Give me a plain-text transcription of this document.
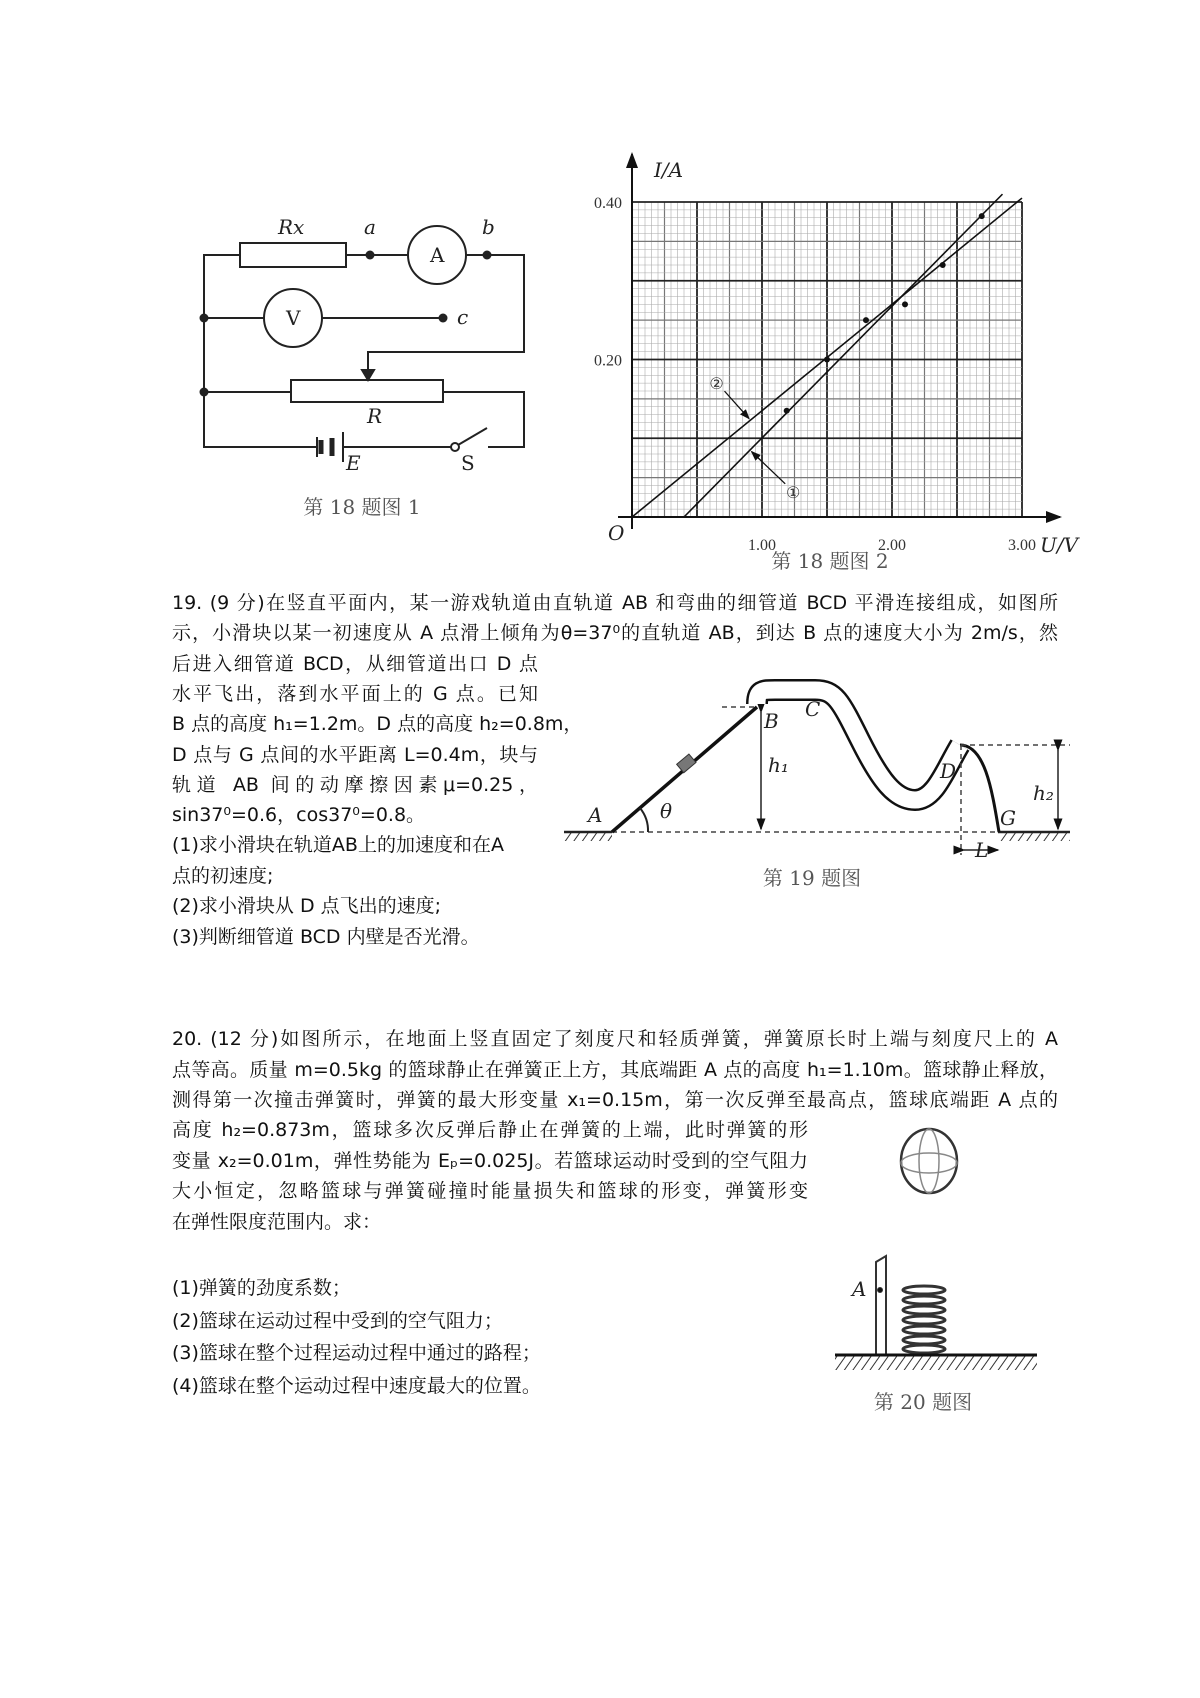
Rx	a	b
A
V	c
R
E	S
第 18 题图 1
U/V
I/A
O
1.00	2.00	3.00
0.20
0.40
①
②
第 18 题图 2
A
B C
D
G
θ
h₁
h₂
L
第 19 题图
A
第 20 题图
19. (9 分)在竖直平面内，某一游戏轨道由直轨道 AB 和弯曲的细管道 BCD 平滑连接组成，如图所
示，小滑块以某一初速度从 A 点滑上倾角为θ=37⁰的直轨道 AB，到达 B 点的速度大小为 2m/s，然
后进入细管道 BCD，从细管道出口 D 点
水平飞出，落到水平面上的 G 点。已知
B 点的高度 h₁=1.2m。D 点的高度 h₂=0.8m，
D 点与 G 点间的水平距离 L=0.4m，块与
轨道 AB 间的动摩擦因素μ=0.25，
sin37⁰=0.6，cos37⁰=0.8。
(1)求小滑块在轨道AB上的加速度和在A
点的初速度;
(2)求小滑块从 D 点飞出的速度;
(3)判断细管道 BCD 内壁是否光滑。
20. (12 分)如图所示，在地面上竖直固定了刻度尺和轻质弹簧，弹簧原长时上端与刻度尺上的 A
点等高。质量 m=0.5kg 的篮球静止在弹簧正上方，其底端距 A 点的高度 h₁=1.10m。篮球静止释放，
测得第一次撞击弹簧时，弹簧的最大形变量 x₁=0.15m，第一次反弹至最高点，篮球底端距 A 点的
高度 h₂=0.873m，篮球多次反弹后静止在弹簧的上端，此时弹簧的形
变量 x₂=0.01m，弹性势能为 Eₚ=0.025J。若篮球运动时受到的空气阻力
大小恒定，忽略篮球与弹簧碰撞时能量损失和篮球的形变，弹簧形变
在弹性限度范围内。求：
(1)弹簧的劲度系数；
(2)篮球在运动过程中受到的空气阻力；
(3)篮球在整个过程运动过程中通过的路程；
(4)篮球在整个运动过程中速度最大的位置。
